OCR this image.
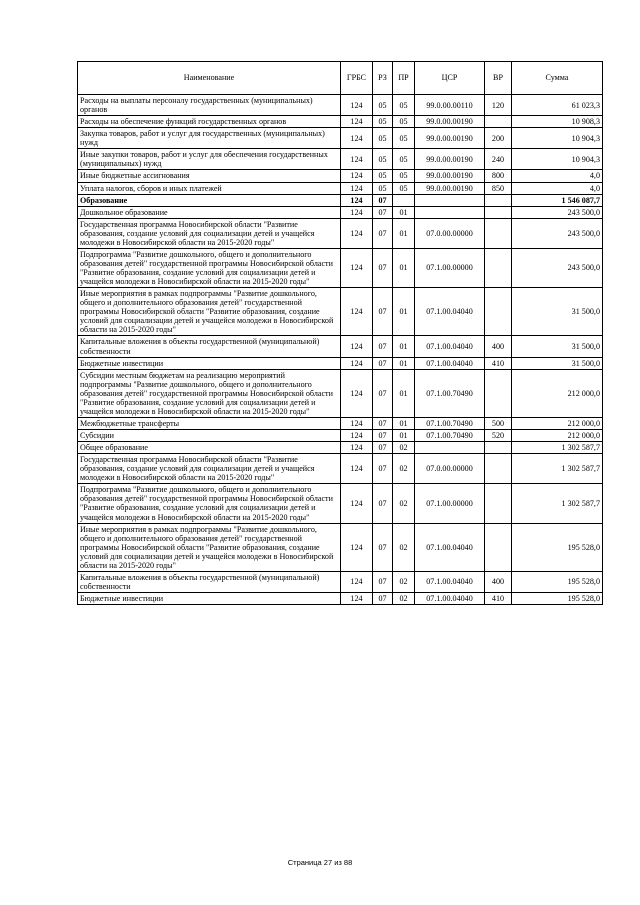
Наименование	ГРБС	РЗ	ПР	ЦСР	ВР	Сумма
Расходы на выплаты персоналу государственных (муниципальных) органов	124	05	05	99.0.00.00110	120	61 023,3
Расходы на обеспечение функций государственных органов	124	05	05	99.0.00.00190		10 908,3
Закупка товаров, работ и услуг для государственных (муниципальных) нужд	124	05	05	99.0.00.00190	200	10 904,3
Иные закупки товаров, работ и услуг для обеспечения государственных (муниципальных) нужд	124	05	05	99.0.00.00190	240	10 904,3
Иные бюджетные ассигнования	124	05	05	99.0.00.00190	800	4,0
Уплата налогов, сборов и иных платежей	124	05	05	99.0.00.00190	850	4,0
Образование	124	07				1 546 087,7
Дошкольное образование	124	07	01			243 500,0
Государственная программа Новосибирской области "Развитие образования, создание условий для социализации детей и учащейся молодежи в Новосибирской области на 2015-2020 годы"	124	07	01	07.0.00.00000		243 500,0
Подпрограмма "Развитие дошкольного, общего и дополнительного образования детей" государственной программы Новосибирской области "Развитие образования, создание условий для социализации детей и учащейся молодежи в Новосибирской области на 2015-2020 годы"	124	07	01	07.1.00.00000		243 500,0
Иные мероприятия в рамках подпрограммы "Развитие дошкольного, общего и дополнительного образования детей" государственной программы Новосибирской области "Развитие образования, создание условий для социализации детей и учащейся молодежи в Новосибирской области на 2015-2020 годы"	124	07	01	07.1.00.04040		31 500,0
Капитальные вложения в объекты государственной (муниципальной) собственности	124	07	01	07.1.00.04040	400	31 500,0
Бюджетные инвестиции	124	07	01	07.1.00.04040	410	31 500,0
Субсидии местным бюджетам на реализацию мероприятий подпрограммы "Развитие дошкольного, общего и дополнительного образования детей" государственной программы Новосибирской области "Развитие образования, создание условий для социализации детей и учащейся молодежи в Новосибирской области на 2015-2020 годы"	124	07	01	07.1.00.70490		212 000,0
Межбюджетные трансферты	124	07	01	07.1.00.70490	500	212 000,0
Субсидии	124	07	01	07.1.00.70490	520	212 000,0
Общее образование	124	07	02			1 302 587,7
Государственная программа Новосибирской области "Развитие образования, создание условий для социализации детей и учащейся молодежи в Новосибирской области на 2015-2020 годы"	124	07	02	07.0.00.00000		1 302 587,7
Подпрограмма "Развитие дошкольного, общего и дополнительного образования детей" государственной программы Новосибирской области "Развитие образования, создание условий для социализации детей и учащейся молодежи в Новосибирской области на 2015-2020 годы"	124	07	02	07.1.00.00000		1 302 587,7
Иные мероприятия в рамках подпрограммы "Развитие дошкольного, общего и дополнительного образования детей" государственной программы Новосибирской области "Развитие образования, создание условий для социализации детей и учащейся молодежи в Новосибирской области на 2015-2020 годы"	124	07	02	07.1.00.04040		195 528,0
Капитальные вложения в объекты государственной (муниципальной) собственности	124	07	02	07.1.00.04040	400	195 528,0
Бюджетные инвестиции	124	07	02	07.1.00.04040	410	195 528,0
Страница 27 из 88
